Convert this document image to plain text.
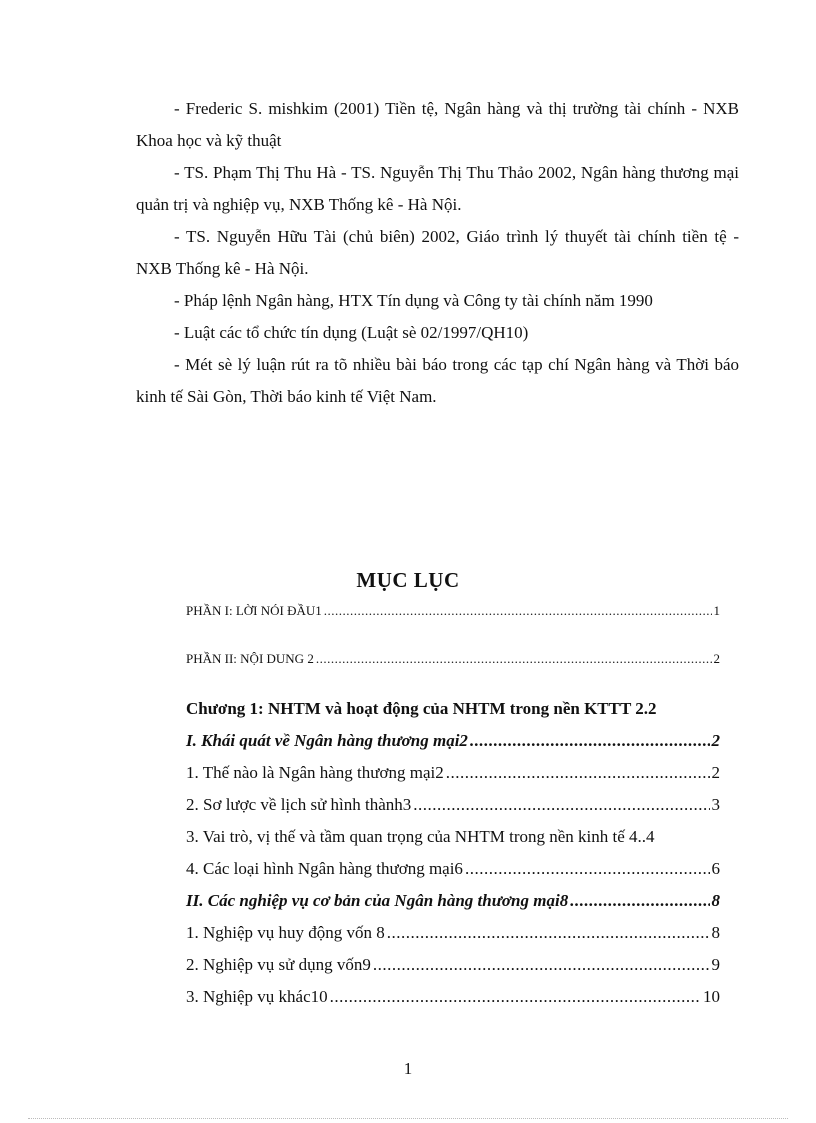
- Frederic S. mishkim (2001) Tiền tệ, Ngân hàng và thị trường tài chính - NXB Khoa học và kỹ thuật

- TS. Phạm Thị Thu Hà - TS. Nguyễn Thị Thu Thảo 2002, Ngân hàng thương mại quản trị và nghiệp vụ, NXB Thống kê - Hà Nội.

- TS. Nguyễn Hữu Tài (chủ biên) 2002, Giáo trình lý thuyết tài chính tiền tệ - NXB Thống kê - Hà Nội.

- Pháp lệnh Ngân hàng, HTX Tín dụng và Công ty tài chính năm 1990

- Luật các tổ chức tín dụng (Luật sè 02/1997/QH10)

- Mét sè lý luận rút ra tõ nhiều bài báo trong các tạp chí Ngân hàng và Thời báo kinh tế Sài Gòn, Thời báo kinh tế Việt Nam.

MỤC LỤC
PHẦN I: LỜI NÓI ĐẦU1 .....	1
PHẦN II: NỘI DUNG 2 .....	2
Chương 1: NHTM và hoạt động của NHTM trong nền KTTT 2 .2
I. Khái quát về Ngân hàng thương mại2 .....	2
1. Thế nào là Ngân hàng thương mại2 .....	2
2. Sơ lược về lịch sử hình thành3 .....	3
3. Vai trò, vị thế và tầm quan trọng của NHTM trong nền kinh tế 4 ..4
4. Các loại hình Ngân hàng thương mại6 .....	6
II. Các nghiệp vụ cơ bản của Ngân hàng thương mại8 .....	8
1. Nghiệp vụ huy động vốn 8 .....	8
2. Nghiệp vụ sử dụng vốn9 .....	9
3. Nghiệp vụ khác10 .....	10
1
